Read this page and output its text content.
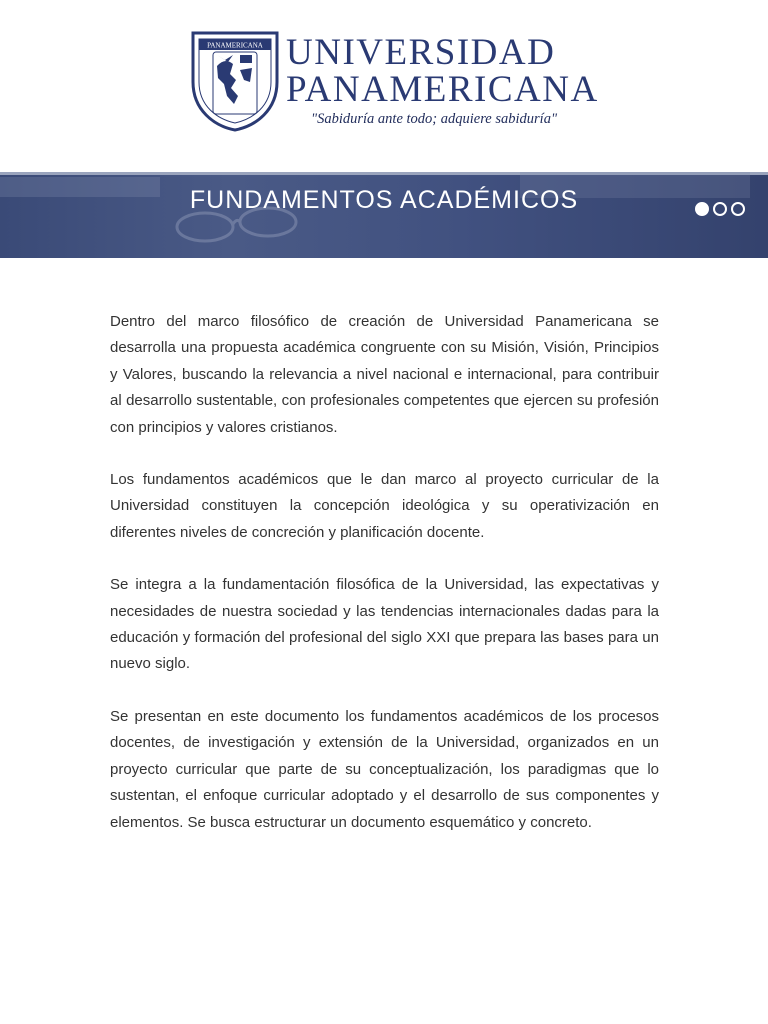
PANAMERICANA UNIVERSIDAD
PANAMERICANA
"Sabiduría ante todo; adquiere sabiduría"
FUNDAMENTOS ACADÉMICOS

Dentro del marco filosófico de creación de Universidad Panamericana se desarrolla una propuesta académica congruente con su Misión, Visión, Principios y Valores, buscando la relevancia a nivel nacional e internacional, para contribuir al desarrollo sustentable, con profesionales competentes que ejercen su profesión con principios y valores cristianos.

Los fundamentos académicos que le dan marco al proyecto curricular de la Universidad constituyen la concepción ideológica y su operativización en diferentes niveles de concreción y planificación docente.

Se integra a la fundamentación filosófica de la Universidad, las expectativas y necesidades de nuestra sociedad y las tendencias internacionales dadas para la educación y formación del profesional del siglo XXI que prepara las bases para un nuevo siglo.

Se presentan en este documento los fundamentos académicos de los procesos docentes, de investigación y extensión de la Universidad, organizados en un proyecto curricular que parte de su conceptualización, los paradigmas que lo sustentan, el enfoque curricular adoptado y el desarrollo de sus componentes y elementos. Se busca estructurar un documento esquemático y concreto.
